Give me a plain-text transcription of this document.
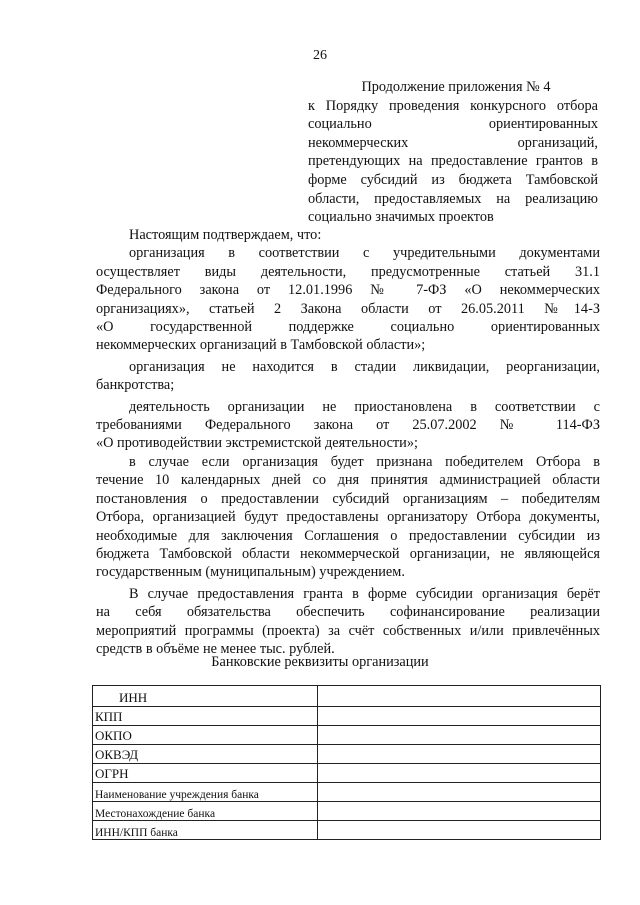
26
Продолжение приложения № 4
к Порядку проведения конкурсного отбора
социально ориентированных
некоммерческих организаций,
претендующих на предоставление грантов в
форме субсидий из бюджета Тамбовской
области, предоставляемых на реализацию
социально значимых проектов
Настоящим подтверждаем, что:
организация в соответствии с учредительными документами
осуществляет виды деятельности, предусмотренные статьей 31.1
Федерального закона от 12.01.1996 № 7-ФЗ «О некоммерческих
организациях», статьей 2 Закона области от 26.05.2011 №14-З
«О государственной поддержке социально ориентированных
некоммерческих организаций в Тамбовской области»;
организация не находится в стадии ликвидации, реорганизации,
банкротства;
деятельность организации не приостановлена в соответствии с
требованиями Федерального закона от 25.07.2002 № 114-ФЗ
«О противодействии экстремистской деятельности»;
в случае если организация будет признана победителем Отбора в
течение 10 календарных дней со дня принятия администрацией области
постановления о предоставлении субсидий организациям – победителям
Отбора, организацией будут предоставлены организатору Отбора документы,
необходимые для заключения Соглашения о предоставлении субсидии из
бюджета Тамбовской области некоммерческой организации, не являющейся
государственным (муниципальным) учреждением.
В случае предоставления гранта в форме субсидии организация берёт
на себя обязательства обеспечить софинансирование реализации
мероприятий программы (проекта) за счёт собственных и/или привлечённых
средств в объёме не менее тыс. рублей.
Банковские реквизиты организации
ИНН	
КПП	
ОКПО	
ОКВЭД	
ОГРН	
Наименование учреждения банка	
Местонахождение банка	
ИНН/КПП банка	
